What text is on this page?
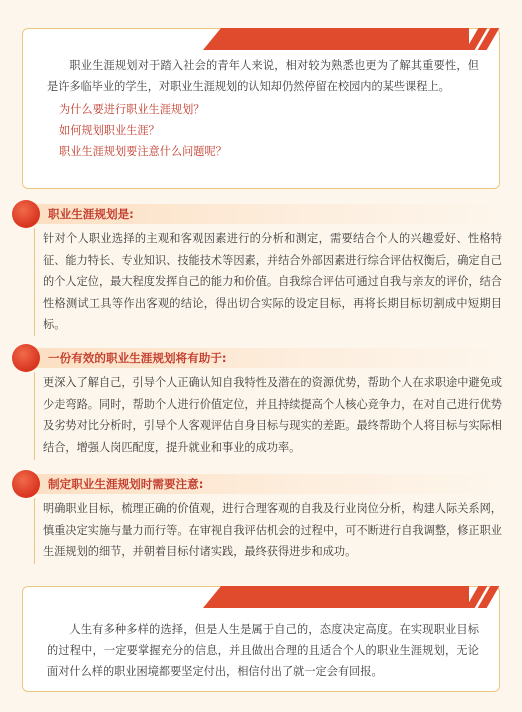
职业生涯规划对于踏入社会的青年人来说，相对较为熟悉也更为了解其重要性，但是许多临毕业的学生，对职业生涯规划的认知却仍然停留在校园内的某些课程上。

为什么要进行职业生涯规划？
如何规划职业生涯？
职业生涯规划要注意什么问题呢？
职业生涯规划是:

针对个人职业选择的主观和客观因素进行的分析和测定，需要结合个人的兴趣爱好、性格特征、能力特长、专业知识、技能技术等因素，并结合外部因素进行综合评估权衡后，确定自己的个人定位，最大程度发挥自己的能力和价值。自我综合评估可通过自我与亲友的评价，结合性格测试工具等作出客观的结论，得出切合实际的设定目标，再将长期目标切割成中短期目标。

一份有效的职业生涯规划将有助于:

更深入了解自己，引导个人正确认知自我特性及潜在的资源优势，帮助个人在求职途中避免或少走弯路。同时，帮助个人进行价值定位，并且持续提高个人核心竞争力，在对自己进行优势及劣势对比分析时，引导个人客观评估自身目标与现实的差距。最终帮助个人将目标与实际相结合，增强人岗匹配度，提升就业和事业的成功率。

制定职业生涯规划时需要注意:

明确职业目标，梳理正确的价值观，进行合理客观的自我及行业岗位分析，构建人际关系网，慎重决定实施与量力而行等。在审视自我评估机会的过程中，可不断进行自我调整，修正职业生涯规划的细节，并朝着目标付诸实践，最终获得进步和成功。

人生有多种多样的选择，但是人生是属于自己的，态度决定高度。在实现职业目标的过程中，一定要掌握充分的信息，并且做出合理的且适合个人的职业生涯规划，无论面对什么样的职业困境都要坚定付出，相信付出了就一定会有回报。
